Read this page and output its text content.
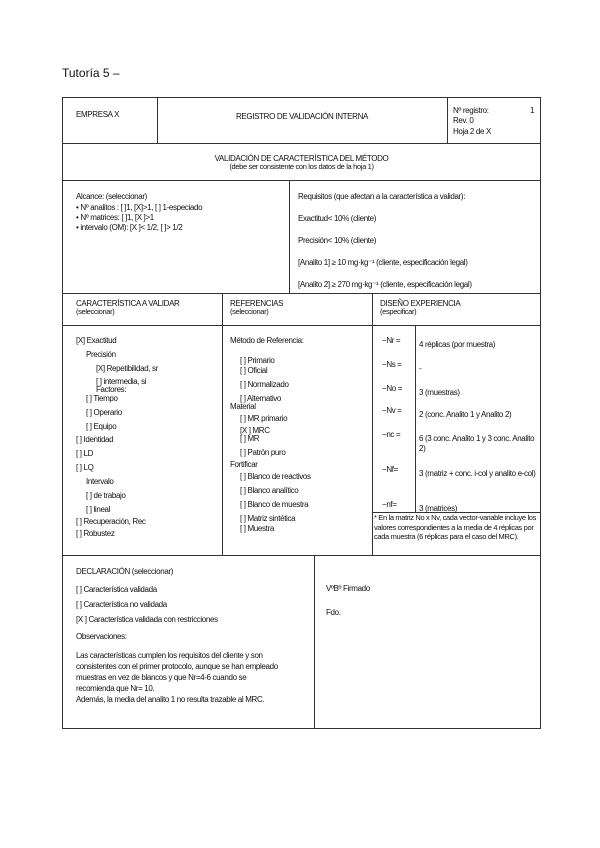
Tutoría 5 –
EMPRESA X	REGISTRO DE VALIDACIÓN INTERNA
Nº registro:	1
Rev. 0
Hoja 2 de X
VALIDACIÓN DE CARACTERÍSTICA DEL MÉTODO
(debe ser consistente con los datos de la hoja 1)
Alcance: (seleccionar)
• Nº analitos : [ ]1, [X]>1, [ ] 1-especiado
• Nº matrices: [ ]1, [X ]>1
• intervalo (OM): [X ]< 1/2, [ ]> 1/2
Requisitos (que afectan a la característica a validar):
Exactitud< 10% (cliente)
Precisión< 10% (cliente)
[Analito 1] ≥ 10 mg·kg⁻¹ (cliente, especificación legal)
[Analito 2] ≥ 270 mg·kg⁻¹ (cliente, especificación legal)
CARACTERÍSTICA A VALIDAR
(seleccionar)
REFERENCIAS
(seleccionar)
DISEÑO EXPERIENCIA
(especificar)
[X] Exactitud
Precisión
[X] Repetibilidad, sr
[ ] intermedia, si
Factores:
[ ] Tiempo
[ ] Operario
[ ] Equipo
[ ] Identidad
[ ] LD
[ ] LQ
Intervalo
[ ] de trabajo
[ ] lineal
[ ] Recuperación, Rec
[ ] Robustez
Método de Referencia:
[ ] Primario
[ ] Oficial
[ ] Normalizado
[ ] Alternativo
Material
[ ] MR primario
[X ] MRC
[ ] MR
[ ] Patrón puro
Fortificar
[ ] Blanco de reactivos
[ ] Blanco analítico
[ ] Blanco de muestra
[ ] Matriz sintética
[ ] Muestra
−Nr = 4 réplicas (por muestra)
−Ns = -
−No = 3 (muestras)
−Nv = 2 (conc. Analito 1 y Analito 2)
−nc = 6 (3 conc. Analito 1 y 3 conc. Analito 2)
−Nf=	3 (matriz + conc. i-col y analito e-col)
−nf=	3 (matrices)
* En la matriz No x Nv, cada vector-variable incluye los valores correspondientes a la media de 4 réplicas por cada muestra (6 réplicas para el caso del MRC).
DECLARACIÓN (seleccionar)
[ ] Característica validada
[ ] Característica no validada
[X ] Característica validada con restricciones
Observaciones:
Las características cumplen los requisitos del cliente y son
consistentes con el primer protocolo, aunque se han empleado
muestras en vez de blancos y que Nr=4-6 cuando se
recomienda que Nr= 10.
Además, la media del analito 1 no resulta trazable al MRC.
VºBº Firmado
Fdo.
